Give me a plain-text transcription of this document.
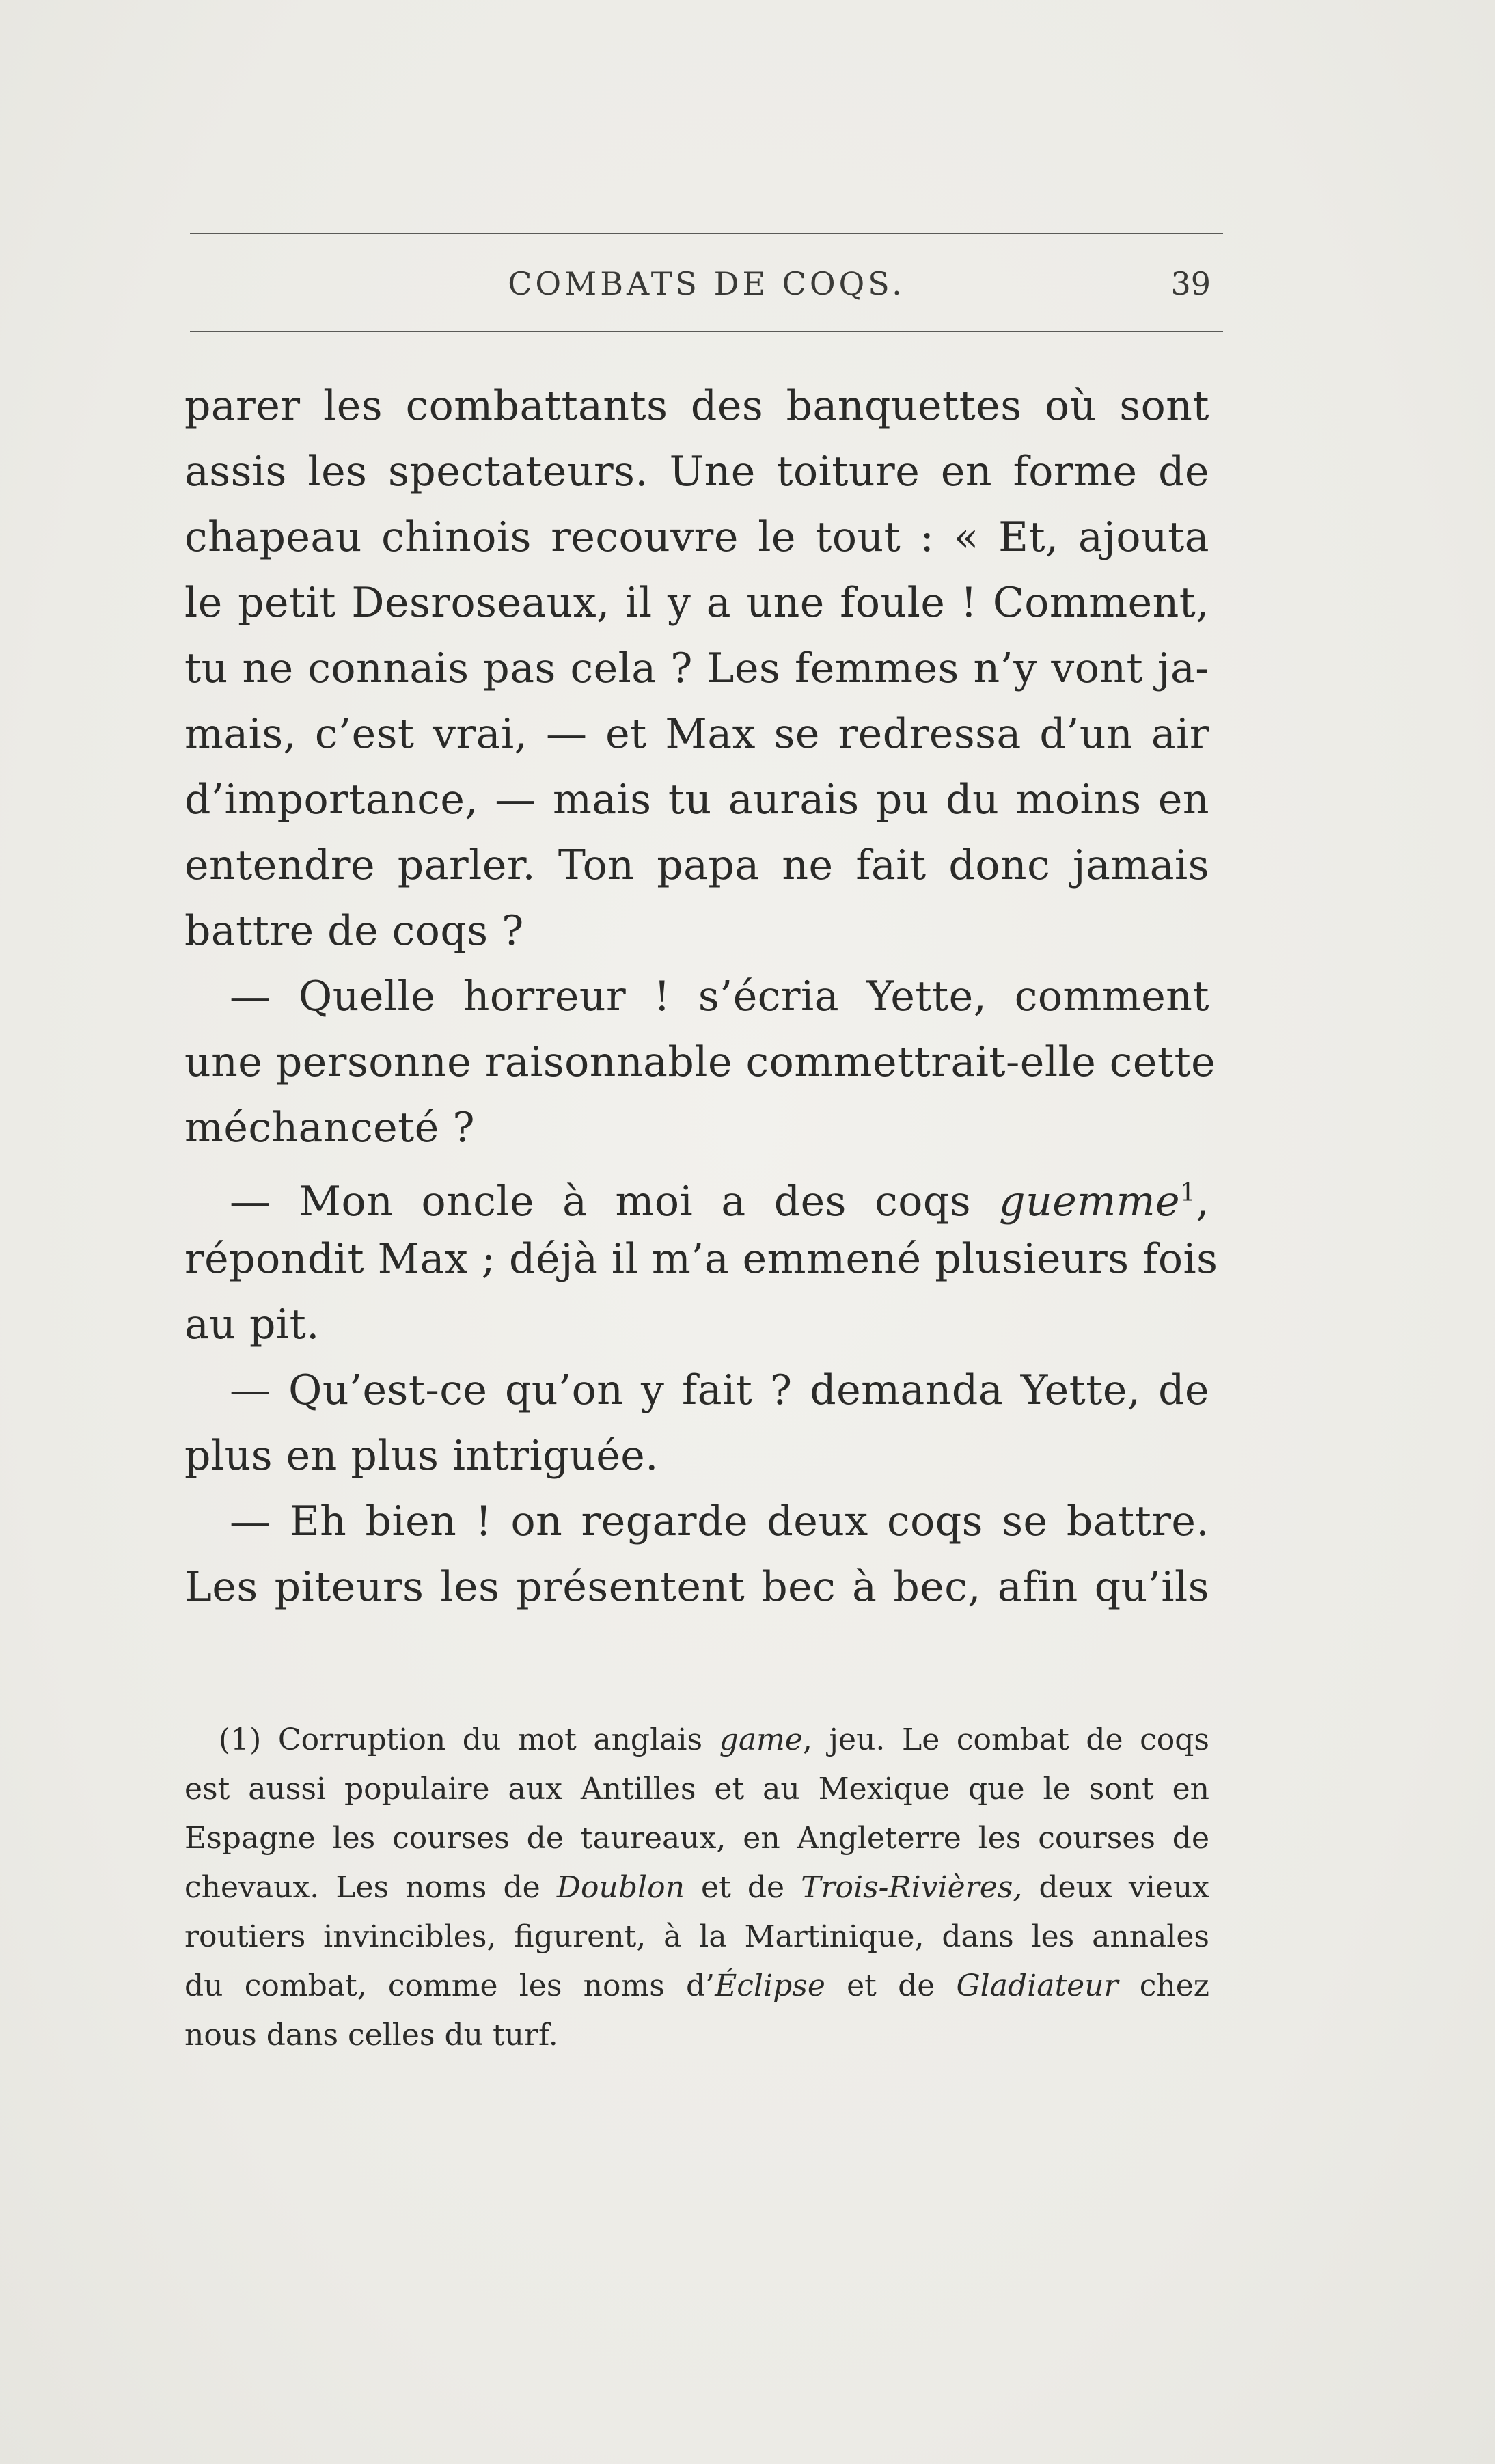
COMBATS DE COQS.	39
parer les combattants des banquettes où sont
assis les spectateurs. Une toiture en forme de
chapeau chinois recouvre le tout : « Et, ajouta
le petit Desroseaux, il y a une foule ! Comment,
tu ne connais pas cela ? Les femmes n’y vont ja-
mais, c’est vrai, — et Max se redressa d’un air
d’importance, — mais tu aurais pu du moins en
entendre parler. Ton papa ne fait donc jamais
battre de coqs ?
— Quelle horreur ! s’écria Yette, comment
une personne raisonnable commettrait-elle cette
méchanceté ?
— Mon oncle à moi a des coqs guemme$^1$,
répondit Max ; déjà il m’a emmené plusieurs fois
au pit.
— Qu’est-ce qu’on y fait ? demanda Yette, de
plus en plus intriguée.
— Eh bien ! on regarde deux coqs se battre.
Les piteurs les présentent bec à bec, afin qu’ils
(1) Corruption du mot anglais game, jeu. Le combat de coqs
est aussi populaire aux Antilles et au Mexique que le sont en
Espagne les courses de taureaux, en Angleterre les courses de
chevaux. Les noms de Doublon et de Trois-Rivières, deux vieux
routiers invincibles, figurent, à la Martinique, dans les annales
du combat, comme les noms d’Éclipse et de Gladiateur chez
nous dans celles du turf.
